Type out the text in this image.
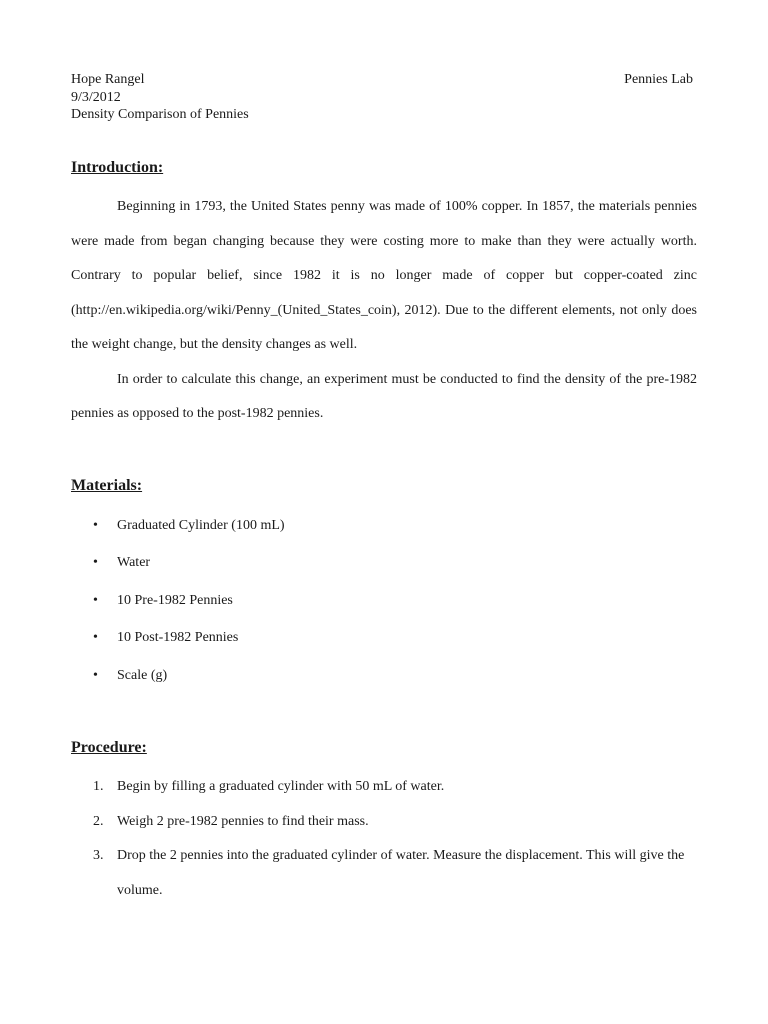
Hope Rangel
9/3/2012
Density Comparison of Pennies
Pennies Lab
Introduction:

Beginning in 1793, the United States penny was made of 100% copper. In 1857, the materials pennies were made from began changing because they were costing more to make than they were actually worth. Contrary to popular belief, since 1982 it is no longer made of copper but copper-coated zinc (http://en.wikipedia.org/wiki/Penny_(United_States_coin), 2012). Due to the different elements, not only does the weight change, but the density changes as well.

In order to calculate this change, an experiment must be conducted to find the density of the pre-1982 pennies as opposed to the post-1982 pennies.

Materials:
• Graduated Cylinder (100 mL)
• Water
• 10 Pre-1982 Pennies
• 10 Post-1982 Pennies
• Scale (g)
Procedure:
1. Begin by filling a graduated cylinder with 50 mL of water.
2. Weigh 2 pre-1982 pennies to find their mass.
3. Drop the 2 pennies into the graduated cylinder of water. Measure the displacement. This will give the volume.
